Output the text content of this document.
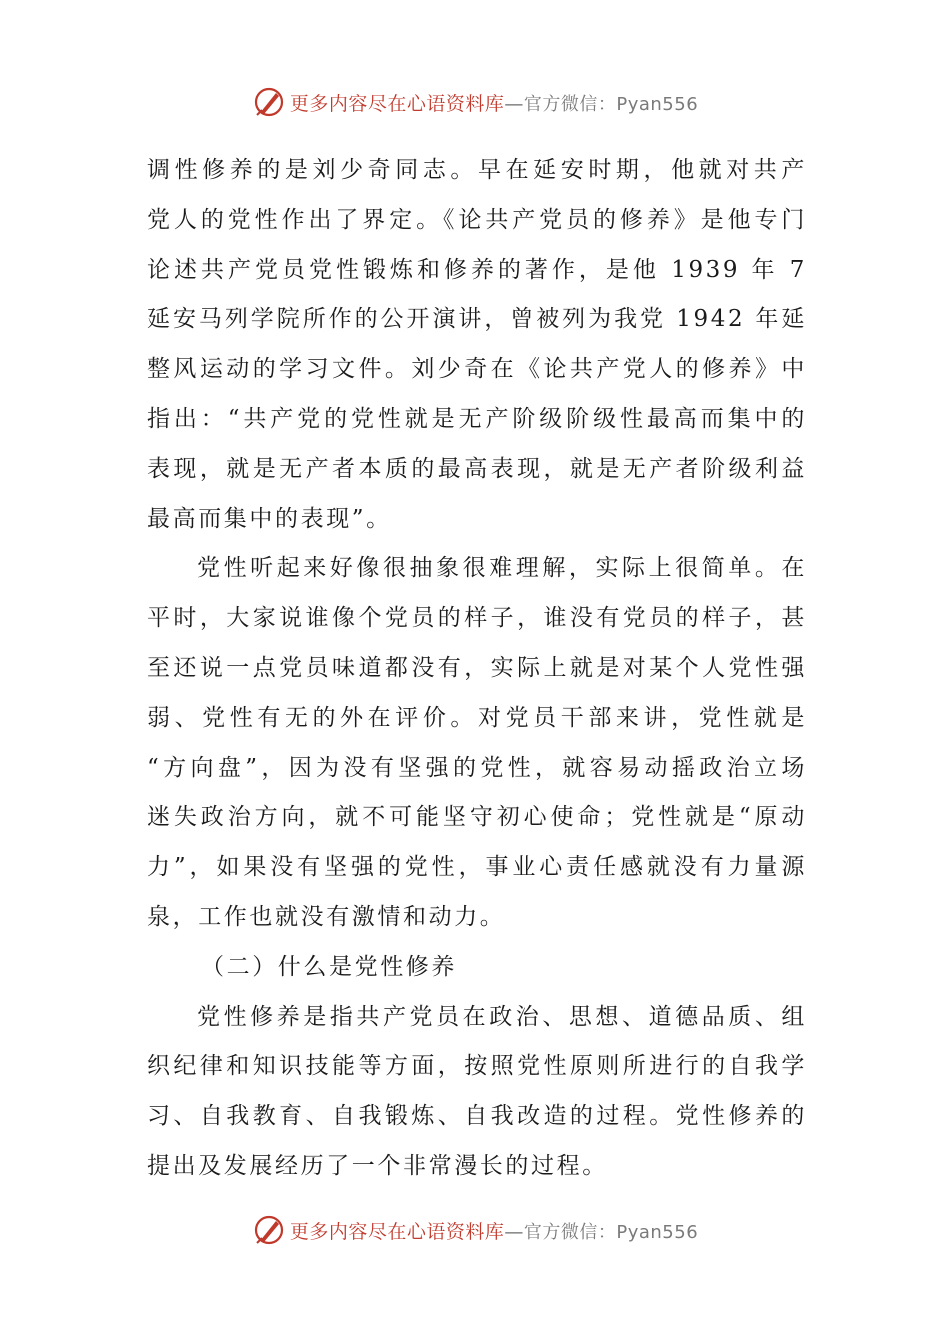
更多内容尽在心语资料库—官方微信：Pyan556
调性修养的是刘少奇同志。早在延安时期，他就对共产
党人的党性作出了界定。《论共产党员的修养》是他专门
论述共产党员党性锻炼和修养的著作，是他 1939 年 7
延安马列学院所作的公开演讲，曾被列为我党 1942 年延
整风运动的学习文件。刘少奇在《论共产党人的修养》中
指出：“共产党的党性就是无产阶级阶级性最高而集中的
表现，就是无产者本质的最高表现，就是无产者阶级利益
最高而集中的表现”。
党性听起来好像很抽象很难理解，实际上很简单。在
平时，大家说谁像个党员的样子，谁没有党员的样子，甚
至还说一点党员味道都没有，实际上就是对某个人党性强
弱、党性有无的外在评价。对党员干部来讲，党性就是
“方向盘”，因为没有坚强的党性，就容易动摇政治立场
迷失政治方向，就不可能坚守初心使命；党性就是“原动
力”，如果没有坚强的党性，事业心责任感就没有力量源
泉，工作也就没有激情和动力。
（二）什么是党性修养
党性修养是指共产党员在政治、思想、道德品质、组
织纪律和知识技能等方面，按照党性原则所进行的自我学
习、自我教育、自我锻炼、自我改造的过程。党性修养的
提出及发展经历了一个非常漫长的过程。
更多内容尽在心语资料库—官方微信：Pyan556
